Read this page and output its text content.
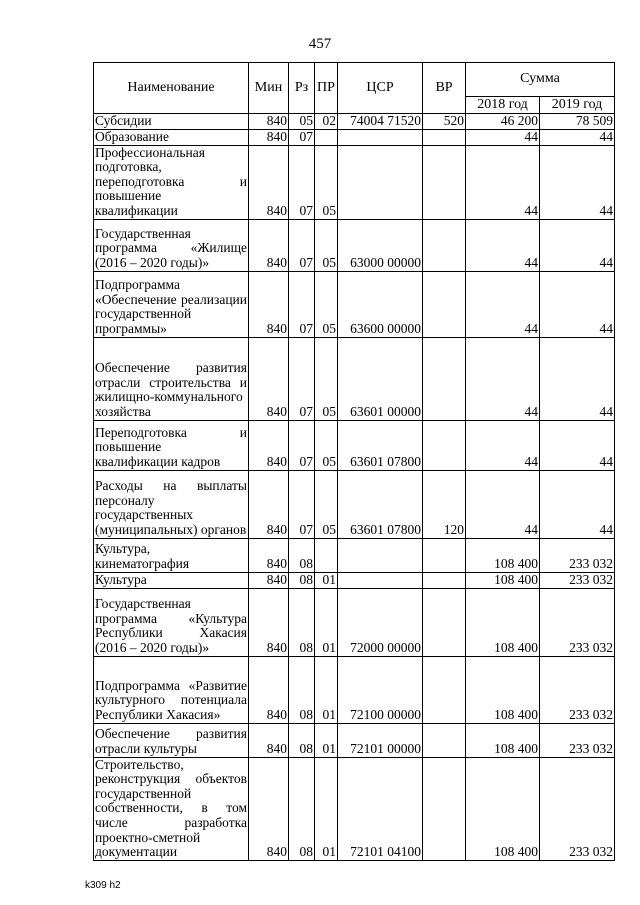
457
Наименование	Мин	Рз	ПР	ЦСР	ВР	Сумма	
						2018 год	2019 год
Субсидии	840	05	02	74004 71520	520	46 200	78 509
Образование	840	07				44	44
Профессиональная подготовка, переподготовка и повышение квалификации	840	07	05			44	44
Государственная программа «Жилище (2016 – 2020 годы)»	840	07	05	63000 00000		44	44
Подпрограмма «Обеспечение реализации государственной программы»	840	07	05	63600 00000		44	44
Обеспечение развития отрасли строительства и жилищно-коммунального хозяйства	840	07	05	63601 00000		44	44
Переподготовка и повышение квалификации кадров	840	07	05	63601 07800		44	44
Расходы на выплаты персоналу государственных (муниципальных) органов	840	07	05	63601 07800	120	44	44
Культура, кинематография	840	08				108 400	233 032
Культура	840	08	01			108 400	233 032
Государственная программа «Культура Республики Хакасия (2016 – 2020 годы)»	840	08	01	72000 00000		108 400	233 032
Подпрограмма «Развитие культурного потенциала Республики Хакасия»	840	08	01	72100 00000		108 400	233 032
Обеспечение развития отрасли культуры	840	08	01	72101 00000		108 400	233 032
Строительство, реконструкция объектов государственной собственности, в том числе разработка проектно-сметной документации	840	08	01	72101 04100		108 400	233 032
k309 h2
